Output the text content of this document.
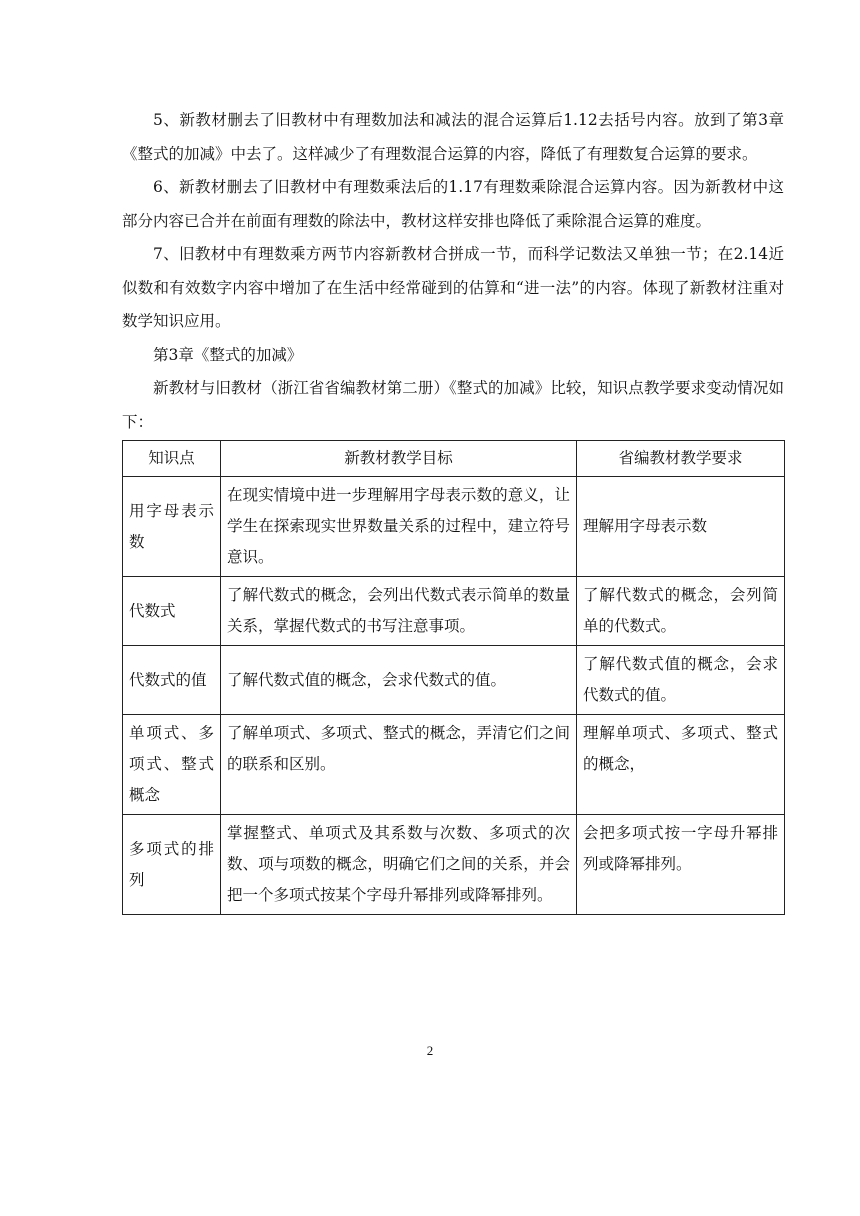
5、新教材删去了旧教材中有理数加法和减法的混合运算后1.12去括号内容。放到了第3章《整式的加减》中去了。这样减少了有理数混合运算的内容，降低了有理数复合运算的要求。

6、新教材删去了旧教材中有理数乘法后的1.17有理数乘除混合运算内容。因为新教材中这部分内容已合并在前面有理数的除法中，教材这样安排也降低了乘除混合运算的难度。

7、旧教材中有理数乘方两节内容新教材合拼成一节，而科学记数法又单独一节；在2.14近似数和有效数字内容中增加了在生活中经常碰到的估算和“进一法”的内容。体现了新教材注重对数学知识应用。

第3章《整式的加减》

新教材与旧教材（浙江省省编教材第二册）《整式的加减》比较，知识点教学要求变动情况如下：

知识点	新教材教学目标	省编教材教学要求
用字母表示数	在现实情境中进一步理解用字母表示数的意义，让学生在探索现实世界数量关系的过程中，建立符号意识。	理解用字母表示数
代数式	了解代数式的概念，会列出代数式表示简单的数量关系，掌握代数式的书写注意事项。	了解代数式的概念，会列简单的代数式。
代数式的值	了解代数式值的概念，会求代数式的值。	了解代数式值的概念，会求代数式的值。
单项式、多项式、整式概念	了解单项式、多项式、整式的概念，弄清它们之间的联系和区别。	理解单项式、多项式、整式的概念，
多项式的排列	掌握整式、单项式及其系数与次数、多项式的次数、项与项数的概念，明确它们之间的关系，并会把一个多项式按某个字母升幂排列或降幂排列。	会把多项式按一字母升幂排列或降幂排列。
2
